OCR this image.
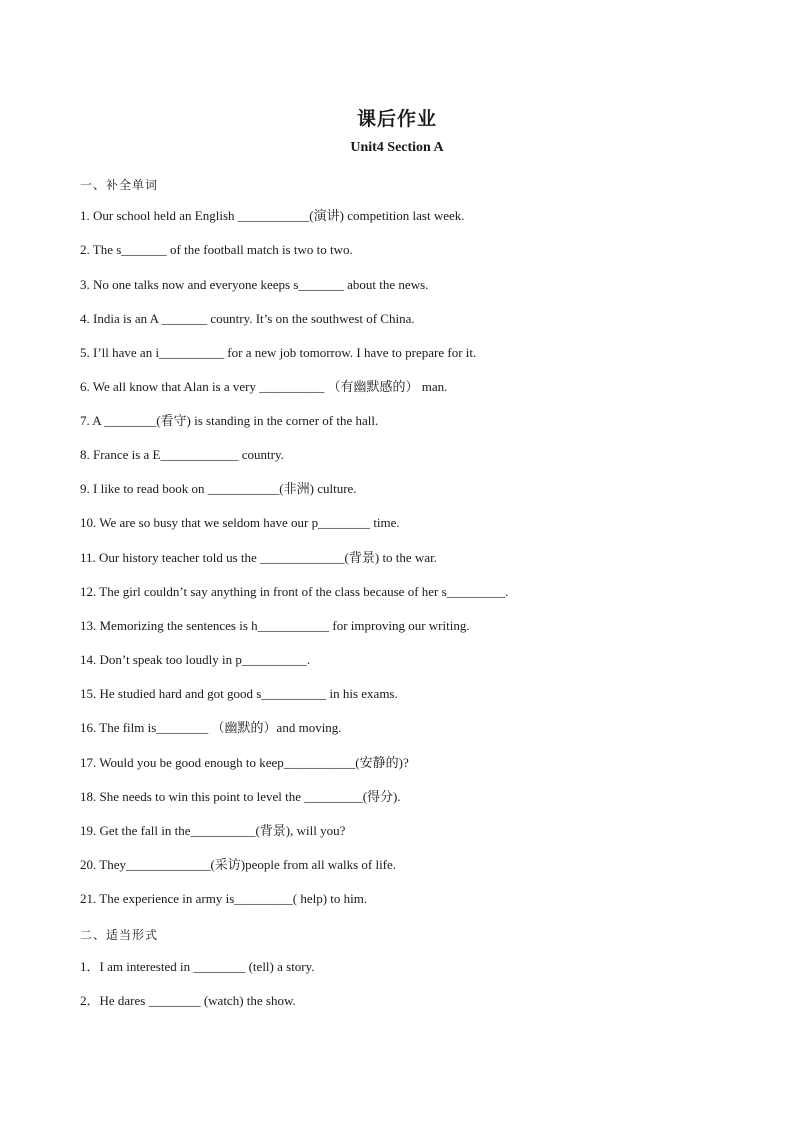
课后作业
Unit4 Section A
一、补全单词
1. Our school held an English ___________(演讲) competition last week.
2. The s_______ of the football match is two to two.
3. No one talks now and everyone keeps s_______ about the news.
4. India is an A _______ country. It’s on the southwest of China.
5. I’ll have an i__________ for a new job tomorrow. I have to prepare for it.
6. We all know that Alan is a very __________ （有幽默感的） man.
7. A ________(看守) is standing in the corner of the hall.
8. France is a E____________ country.
9. I like to read book on ___________(非洲) culture.
10. We are so busy that we seldom have our p________ time.
11. Our history teacher told us the _____________(背景) to the war.
12. The girl couldn’t say anything in front of the class because of her s_________.
13. Memorizing the sentences is h___________ for improving our writing.
14. Don’t speak too loudly in p__________.
15. He studied hard and got good s__________ in his exams.
16. The film is________ （幽默的）and moving.
17. Would you be good enough to keep___________(安静的)?
18. She needs to win this point to level the _________(得分).
19. Get the fall in the__________(背景), will you?
20. They_____________(采访)people from all walks of life.
21. The experience in army is_________( help) to him.
二、适当形式
1．I am interested in ________ (tell) a story.
2．He dares ________ (watch) the show.
